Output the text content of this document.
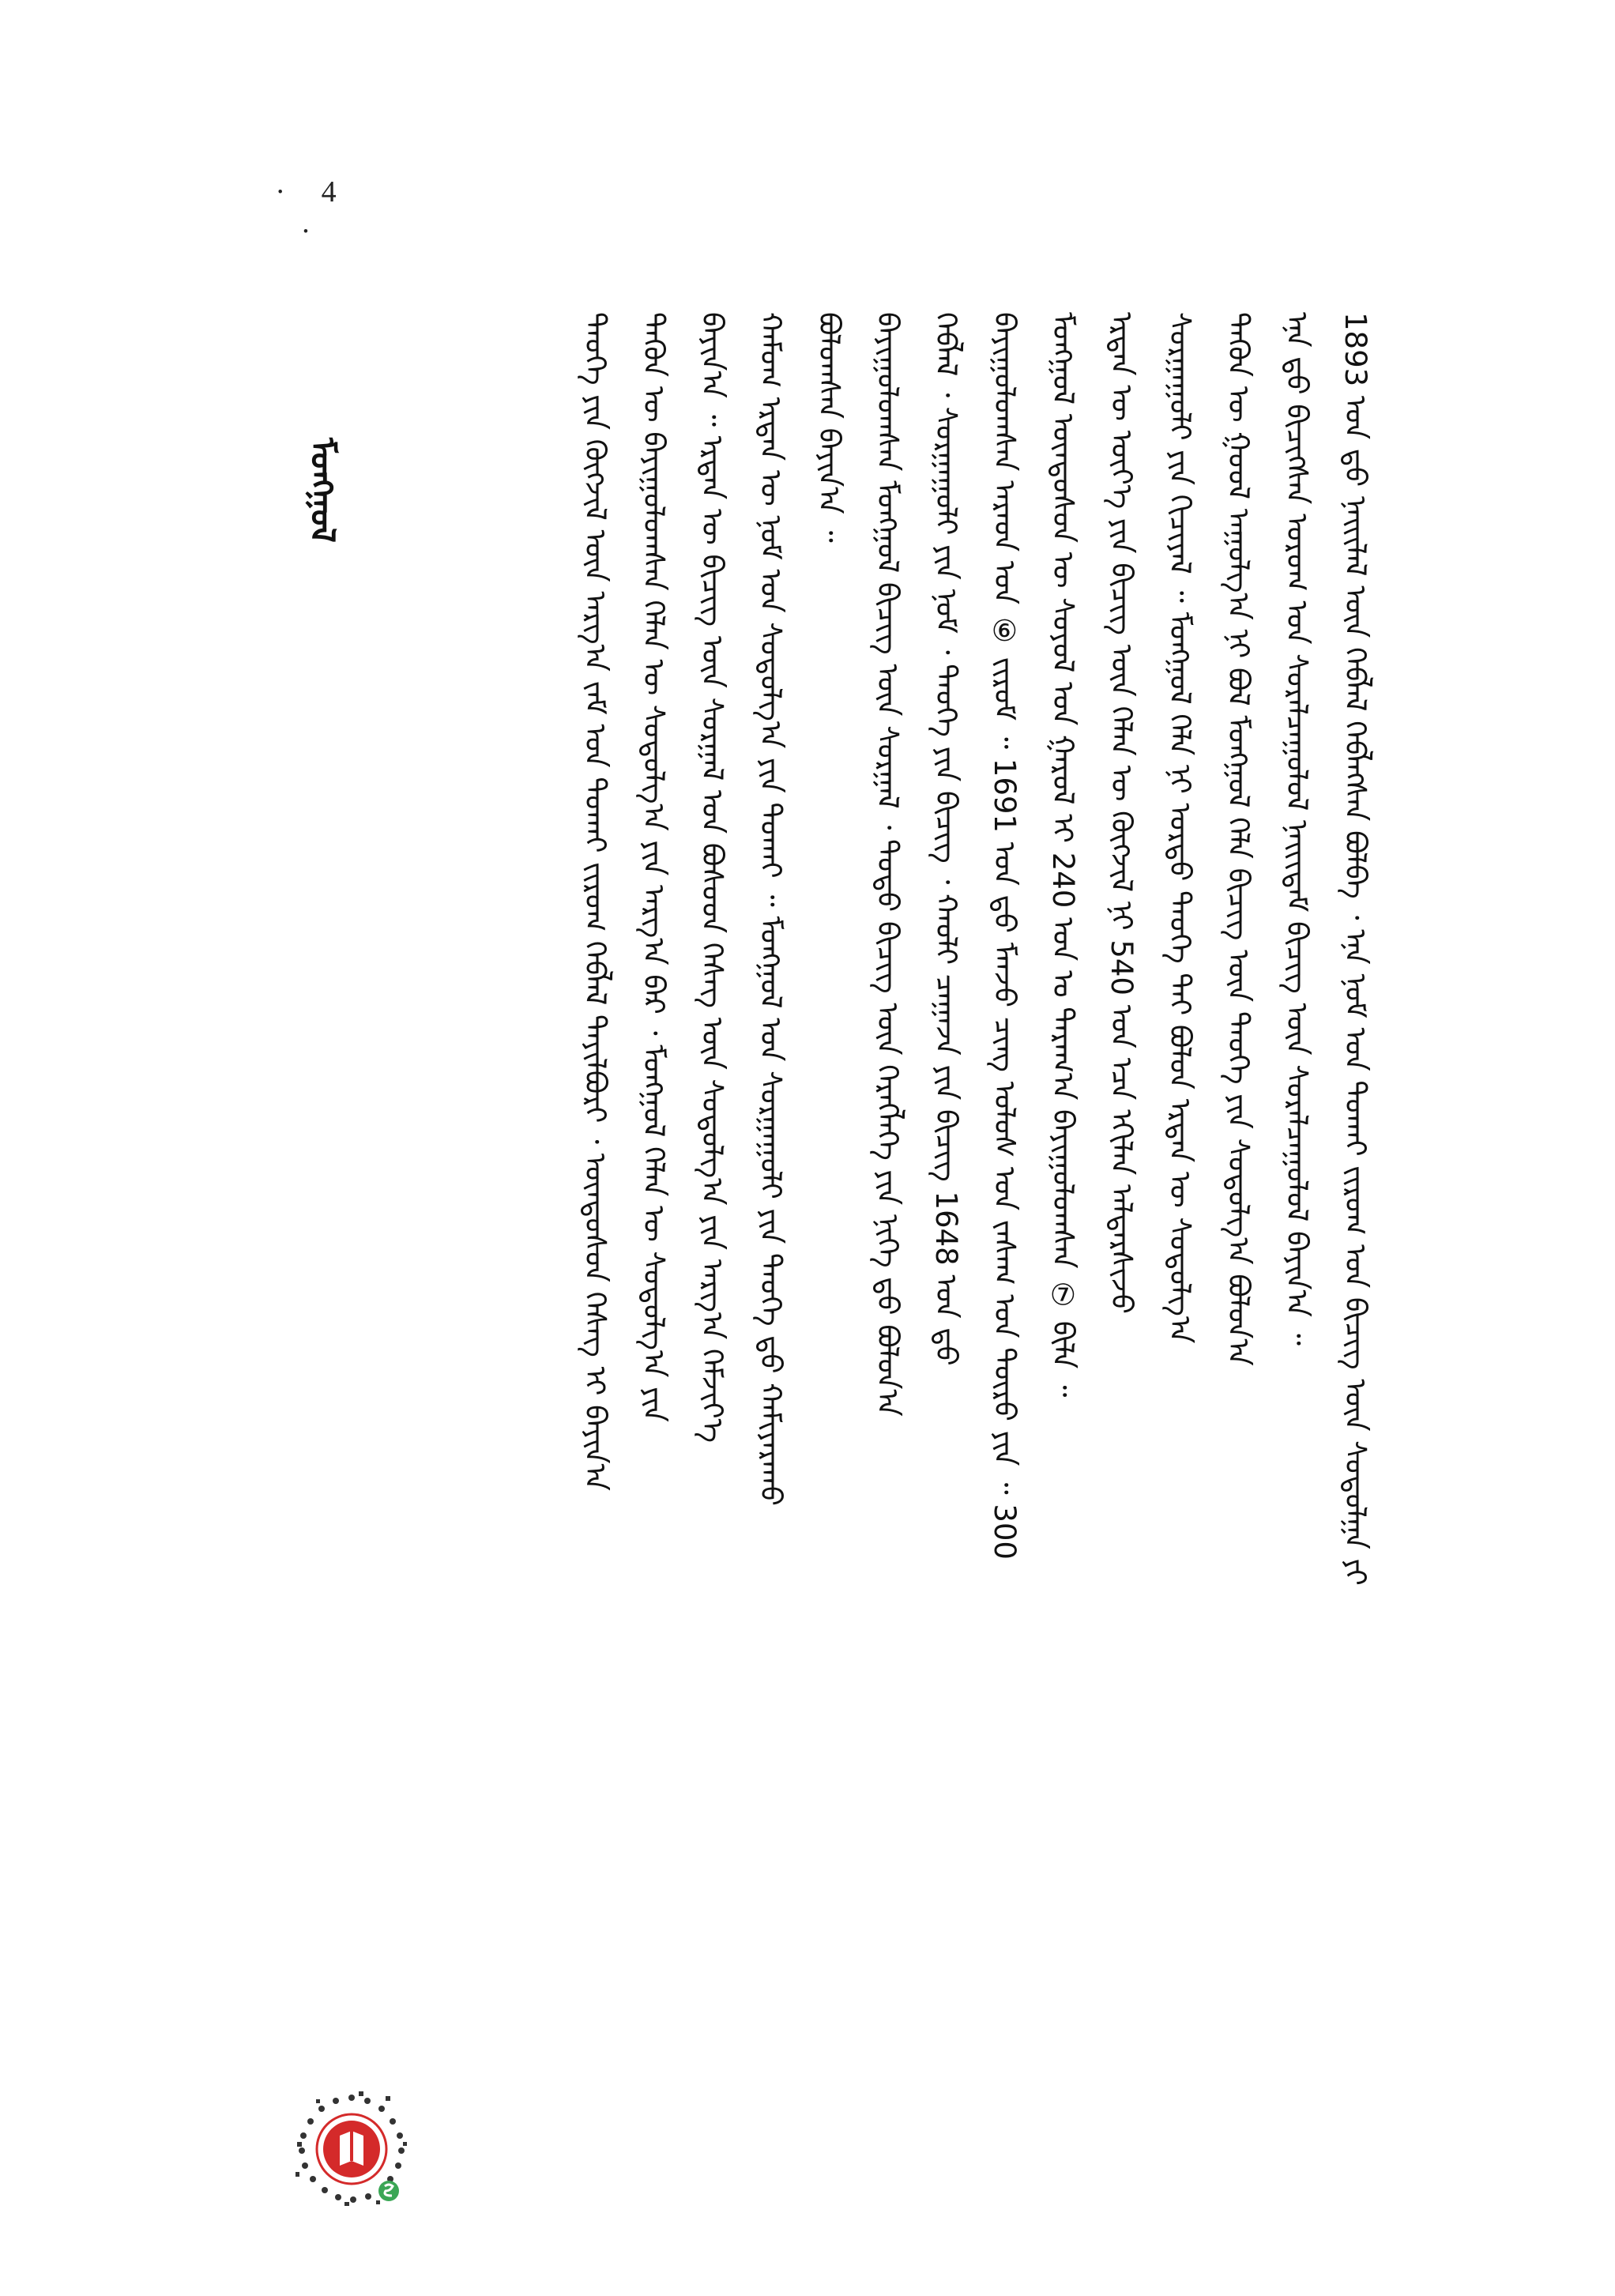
· 4 ·
ᠮᠣᠩᠭᠣᠯ	1893 ᠣᠨ ᠳ᠋ᠤ ᠨᠡᠢᠢᠯᠡᠯ ᠦᠨ ᠬᠡᠪᠯᠡᠯ ᠬᠡᠪᠯᠡᠭᠰᠡᠨ ᠪᠣᠯᠪᠠ ᠂ ᠡᠨᠡ ᠨᠣᠮ ᠤᠨ ᠲᠤᠬᠠᠢ ᠵᠢᠷᠤᠭ ᠤᠨ ᠪᠢᠴᠢᠭ ᠦᠨ ᠰᠤᠳᠤᠯᠭᠠ ᠶᠢ
ᠡᠨᠡ ᠳ᠋ᠤ ᠪᠢᠴᠢᠭᠰᠡᠨ ᠤᠷᠤᠭ ᠤᠨ ᠰᠤᠷᠠᠯᠴᠠᠭᠤᠯᠤᠯ ᠨᠡᠢᠢᠳᠡᠮ ᠪᠢᠴᠢᠭ ᠦᠨ ᠰᠤᠷᠠᠯᠴᠠᠭᠤᠯᠤᠯ ᠪᠠᠶᠢᠨ᠎ᠠ ᠃
ᠲᠡᠭᠦᠨ ᠦ ᠭᠤᠤᠯ ᠠᠭᠤᠯᠭ᠎ᠠ ᠨᠢ ᠪᠣᠯ ᠮᠣᠩᠭᠣᠯ ᠬᠡᠯᠡ ᠪᠢᠴᠢᠭ ᠦᠨ ᠲᠡᠦᠬᠡ ᠶᠢᠨ ᠰᠤᠳᠤᠯᠭ᠎ᠠ ᠪᠣᠯᠤᠨ᠎ᠠ
ᠰᠤᠷᠭᠠᠭᠤᠯᠢ ᠶᠢᠨ ᠬᠢᠴᠢᠶᠡᠯ ᠃ ᠮᠣᠩᠭᠣᠯ ᠬᠡᠯᠡ ᠨᠢ ᠤᠷᠲᠤ ᠲᠡᠦᠬᠡ ᠲᠡᠢ ᠪᠣᠯᠤᠨ ᠡᠷᠲᠡᠨ ᠦ ᠰᠤᠳᠤᠯᠭ᠎ᠠ
ᠡᠷᠲᠡᠨ ᠦ ᠦᠶ᠎ᠡ ᠶᠢᠨ ᠪᠢᠴᠢᠭ ᠦᠨ ᠬᠡᠯᠡᠨ ᠦ ᠬᠥᠭᠵᠢᠯ ᠨᠢ 540 ᠣᠨ ᠡᠴᠡ ᠡᠬᠢᠯᠡᠨ ᠠᠯᠳᠠᠷᠰᠢᠵᠤ
ᠮᠣᠩᠭᠣᠯ ᠦᠨᠳᠦᠰᠦᠨ ᠦ ᠰᠣᠶᠤᠯ ᠤᠨ ᠭᠠᠷᠤᠯ ᠢ 240 ᠣᠨ ᠤ ᠳᠠᠷᠠᠭ᠎ᠠ ᠪᠠᠶᠢᠭᠤᠯᠤᠭᠰᠠᠨ ⑦ ᠪᠢᠯᠡ ᠃
ᠪᠠᠶᠢᠭᠤᠯᠤᠭᠰᠠᠨ ᠠᠷᠠᠳ ᠤᠨ ⑥ ᠵᠢᠷᠤᠮ ᠃ 1691 ᠣᠨ ᠳ᠋ᠤ ᠮᠠᠨᠵᠤ ᠴᠢᠩ ᠤᠯᠤᠰ ᠤᠨ ᠵᠠᠰᠠᠭ ᠤᠨ ᠲᠥᠷᠦ ᠶᠢᠨ ᠃ 300
ᠬᠡᠪᠯᠡᠯ ᠂ ᠰᠤᠷᠭᠠᠭᠤᠯᠢ ᠶᠢᠨ ᠨᠣᠮ ᠂ ᠲᠡᠦᠬᠡ ᠶᠢᠨ ᠪᠢᠴᠢᠭ ᠂ ᠬᠠᠤᠯᠢ ᠴᠠᠭᠠᠵᠠ ᠶᠢᠨ ᠪᠢᠴᠢᠭ 1648 ᠣᠨ ᠳ᠋ᠤ
ᠪᠠᠶᠢᠭᠤᠯᠤᠭᠰᠠᠨ ᠮᠣᠩᠭᠣᠯ ᠪᠢᠴᠢᠭ ᠦᠨ ᠰᠤᠷᠭᠠᠯ ᠂ ᠲᠣᠳᠣ ᠪᠢᠴᠢᠭ ᠦᠨ ᠬᠡᠷᠡᠭᠯᠡᠭᠡ ᠶᠢᠨ ᠨᠢᠭᠡ ᠳ᠋ᠦ ᠪᠣᠯᠤᠨ᠎ᠠ
ᠪᠣᠯᠤᠭᠰᠠᠨ ᠪᠠᠶᠢᠨ᠎ᠠ ᠃
ᠬᠠᠮᠤᠭ ᠡᠷᠲᠡᠨ ᠦ ᠨᠣᠮ ᠤᠨ ᠰᠤᠳᠤᠯᠭ᠎ᠠ ᠶᠢᠨ ᠲᠤᠬᠠᠢ ᠃ ᠮᠣᠩᠭᠣᠯ ᠤᠨ ᠰᠤᠷᠭᠠᠭᠤᠯᠢ ᠶᠢᠨ ᠲᠡᠦᠬᠡ ᠳ᠋ᠦ ᠬᠠᠮᠢᠶᠠᠷᠠᠬᠤ
ᠪᠠᠶᠢᠨ᠎ᠠ ᠃ ᠡᠷᠲᠡᠨ ᠦ ᠪᠢᠴᠢᠭ ᠦᠨ ᠰᠤᠷᠭᠠᠯ ᠤᠨ ᠪᠤᠰᠤᠳ ᠬᠡᠰᠡᠭ ᠦᠨ ᠰᠤᠳᠤᠯᠭ᠎ᠠ ᠶᠢᠨ ᠠᠷᠭ᠎ᠠ ᠬᠡᠮᠵᠢᠶ᠎ᠡ
ᠲᠡᠭᠦᠨ ᠦ ᠪᠠᠶᠢᠭᠤᠯᠤᠭᠰᠠᠨ ᠬᠡᠯᠡᠨ ᠦ ᠰᠤᠳᠤᠯᠭ᠎ᠠ ᠶᠢᠨ ᠠᠷᠭ᠎ᠠ ᠪᠠᠷ ᠂ ᠮᠣᠩᠭᠣᠯ ᠬᠡᠯᠡᠨ ᠦ ᠰᠤᠳᠤᠯᠭ᠎ᠠ ᠶᠢᠨ
ᠲᠡᠦᠬᠡ ᠶᠢᠨ ᠬᠥᠭᠵᠢᠯ ᠦᠨ ᠠᠷᠭ᠎ᠠ ᠵᠠᠮ ᠤᠨ ᠲᠤᠬᠠᠢ ᠵᠢᠷᠤᠭ ᠬᠡᠪᠯᠡᠯ ᠲᠠᠶᠢᠯᠪᠤᠷᠢ ᠂ ᠦᠨᠳᠦᠰᠦᠨ ᠬᠡᠰᠡᠭ ᠢ ᠪᠠᠶᠢᠨ᠎ᠠ
